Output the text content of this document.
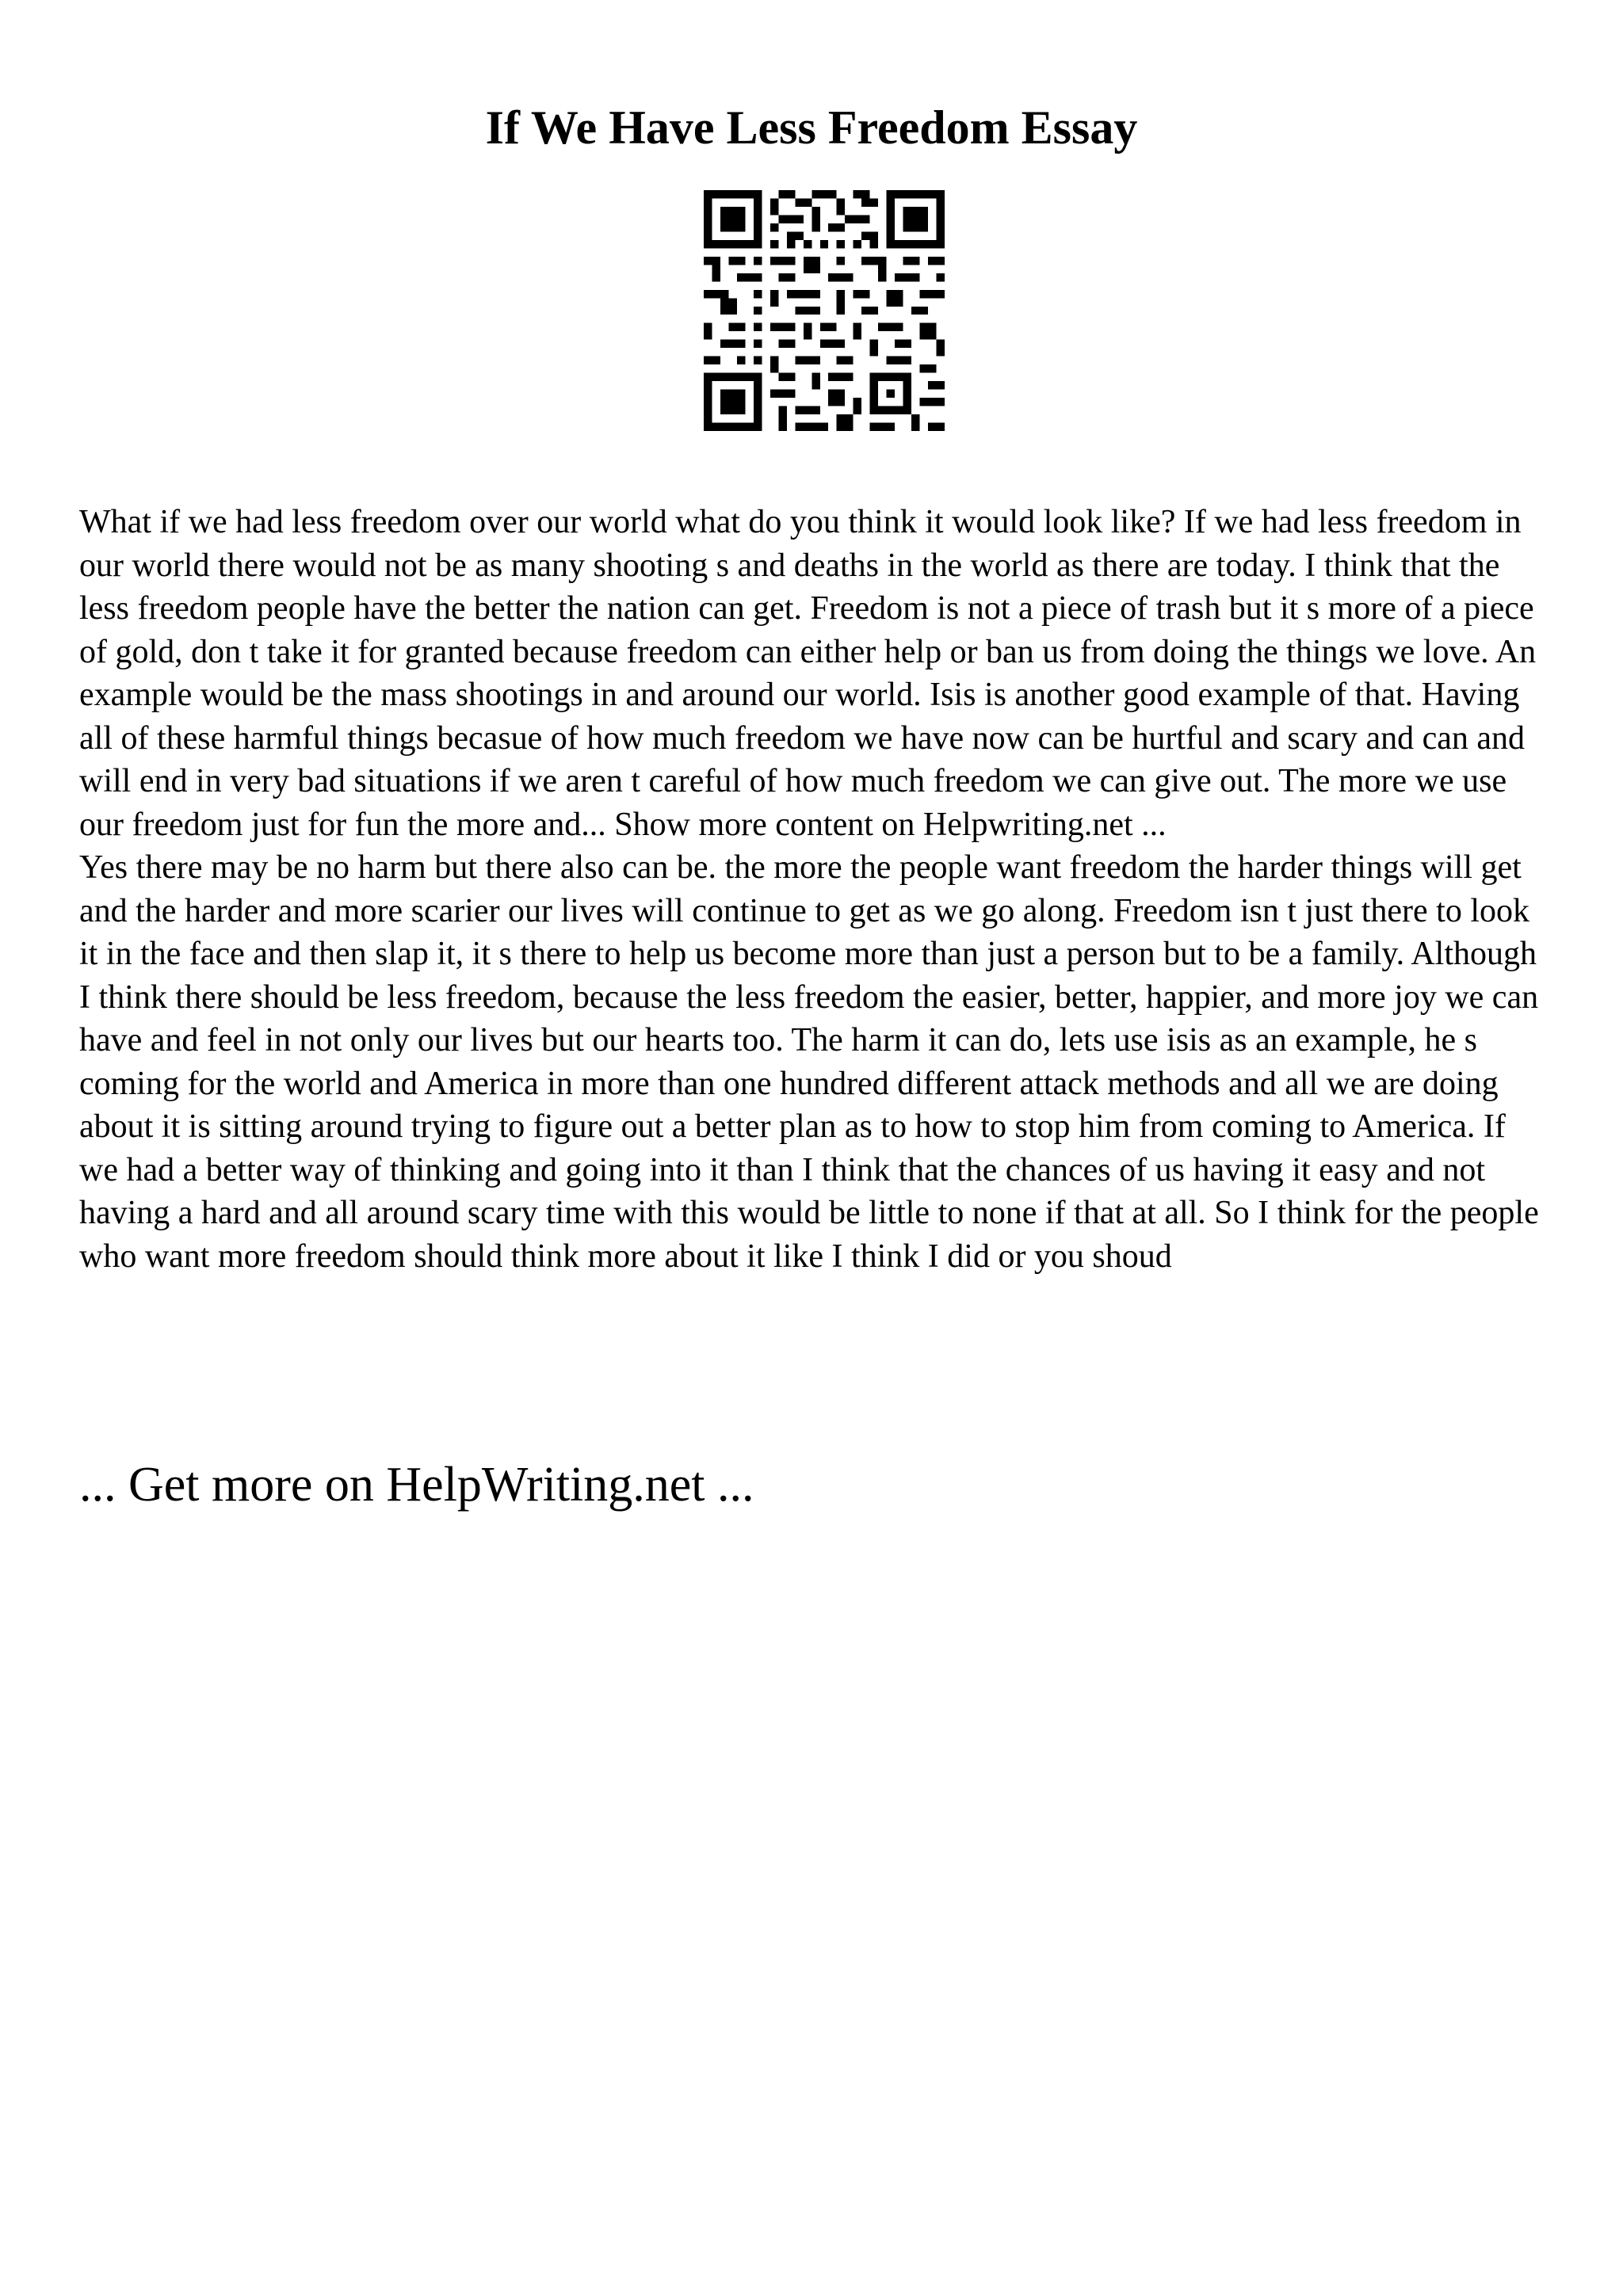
If We Have Less Freedom Essay

What if we had less freedom over our world what do you think it would look like? If we had less freedom in our world there would not be as many shooting s and deaths in the world as there are today. I think that the less freedom people have the better the nation can get. Freedom is not a piece of trash but it s more of a piece of gold, don t take it for granted because freedom can either help or ban us from doing the things we love. An example would be the mass shootings in and around our world. Isis is another good example of that. Having all of these harmful things becasue of how much freedom we have now can be hurtful and scary and can and will end in very bad situations if we aren t careful of how much freedom we can give out. The more we use our freedom just for fun the more and... Show more content on Helpwriting.net ...

Yes there may be no harm but there also can be. the more the people want freedom the harder things will get and the harder and more scarier our lives will continue to get as we go along. Freedom isn t just there to look it in the face and then slap it, it s there to help us become more than just a person but to be a family. Although I think there should be less freedom, because the less freedom the easier, better, happier, and more joy we can have and feel in not only our lives but our hearts too. The harm it can do, lets use isis as an example, he s coming for the world and America in more than one hundred different attack methods and all we are doing about it is sitting around trying to figure out a better plan as to how to stop him from coming to America. If we had a better way of thinking and going into it than I think that the chances of us having it easy and not having a hard and all around scary time with this would be little to none if that at all. So I think for the people who want more freedom should think more about it like I think I did or you shoud

... Get more on HelpWriting.net ...
